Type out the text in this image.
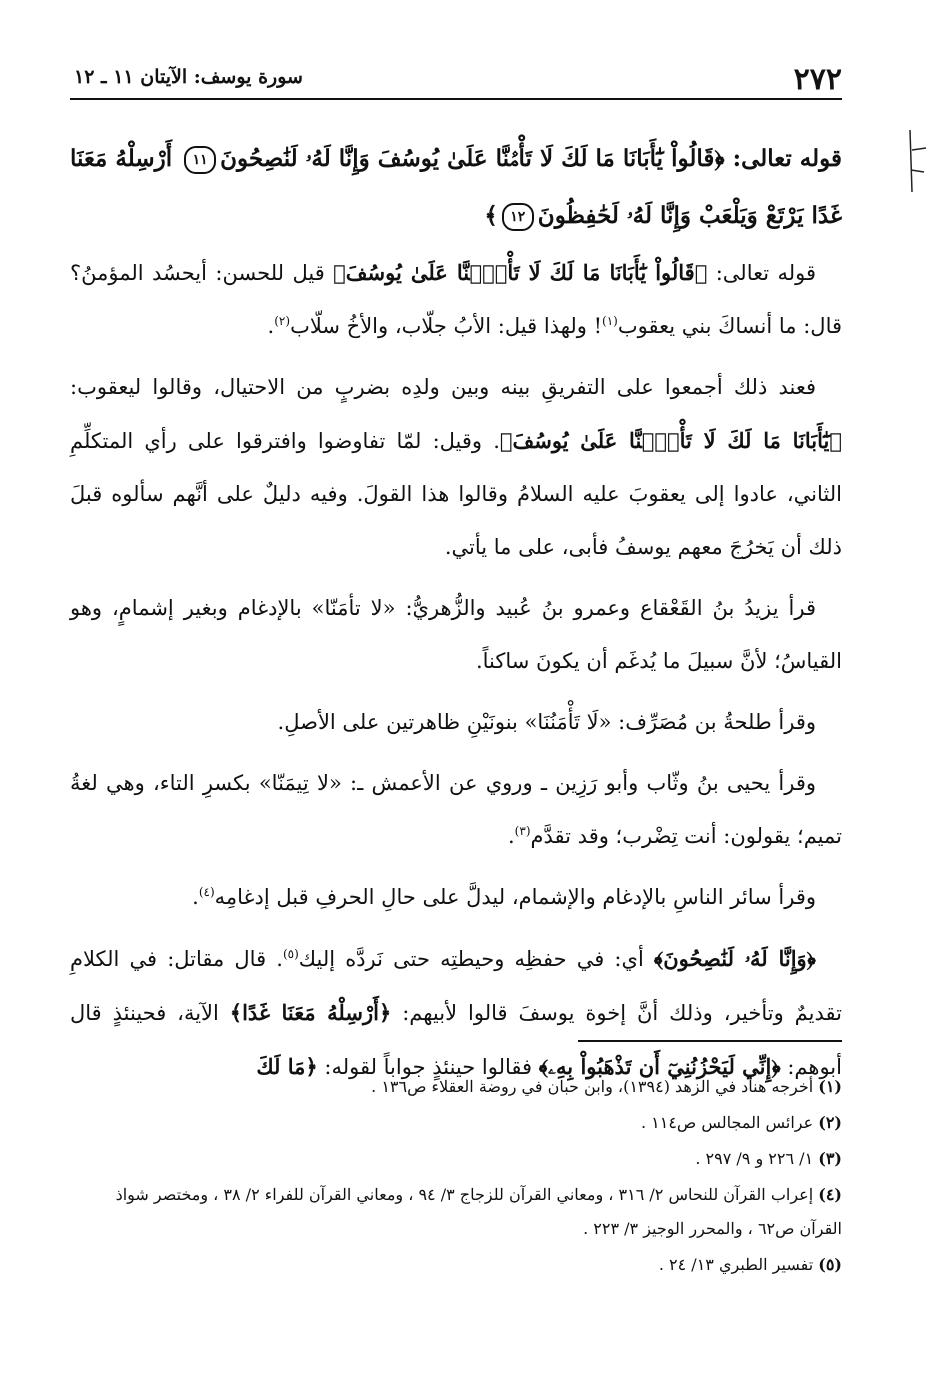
٢٧٢
سورة يوسف: الآيتان ١١ ـ ١٢

قوله تعالى: ﴿قَالُواْ يَٰٓأَبَانَا مَا لَكَ لَا تَأْمَ۫نَّا عَلَىٰ يُوسُفَ وَإِنَّا لَهُۥ لَنَٰصِحُونَ١١ أَرْسِلْهُ مَعَنَا غَدًا يَرْتَعْ وَيَلْعَبْ وَإِنَّا لَهُۥ لَحَٰفِظُونَ١٢﴾

قوله تعالى: ﴿قَالُواْ يَٰٓأَبَانَا مَا لَكَ لَا تَأْمَ۫نَّا عَلَىٰ يُوسُفَ﴾ قيل للحسن: أيحسُد المؤمنُ؟ قال: ما أنساكَ بني يعقوب$^{(١)}$! ولهذا قيل: الأبُ جلّاب، والأخُ سلّاب$^{(٢)}$.

فعند ذلك أجمعوا على التفريقِ بينه وبين ولدِه بضربٍ من الاحتيال، وقالوا ليعقوب: ﴿يَٰٓأَبَانَا مَا لَكَ لَا تَأْمَ۫نَّا عَلَىٰ يُوسُفَ﴾. وقيل: لمّا تفاوضوا وافترقوا على رأي المتكلِّمِ الثاني، عادوا إلى يعقوبَ عليه السلامُ وقالوا هذا القولَ. وفيه دليلٌ على أنَّهم سألوه قبلَ ذلك أن يَخرُجَ معهم يوسفُ فأبى، على ما يأتي.

قرأ يزيدُ بنُ القَعْقاع وعمرو بنُ عُبيد والزُّهريُّ: «لا تأمَنّا» بالإدغام وبغير إشمامٍ، وهو القياسُ؛ لأنَّ سبيلَ ما يُدغَم أن يكونَ ساكناً.

وقرأ طلحةُ بن مُصَرِّف: «لَا تَأْمَنُنَا» بنونَيْنِ ظاهرتين على الأصلِ.

وقرأ يحيى بنُ وثّاب وأبو رَزِين ـ وروي عن الأعمش ـ: «لا تِيمَنّا» بكسرِ التاء، وهي لغةُ تميم؛ يقولون: أنت تِضْرب؛ وقد تقدَّم$^{(٣)}$.

وقرأ سائر الناسِ بالإدغام والإشمام، ليدلَّ على حالِ الحرفِ قبل إدغامِه$^{(٤)}$.

﴿وَإِنَّا لَهُۥ لَنَٰصِحُونَ﴾ أي: في حفظِه وحيطتِه حتى نَردَّه إليك$^{(٥)}$. قال مقاتل: في الكلامِ تقديمٌ وتأخير، وذلك أنَّ إخوة يوسفَ قالوا لأبيهم: ﴿أَرْسِلْهُ مَعَنَا غَدًا﴾ الآية، فحينئذٍ قال أبوهم: ﴿إِنِّي لَيَحْزُنُنِيٓ أَن تَذْهَبُواْ بِهِۦ﴾ فقالوا حينئذٍ جواباً لقوله: ﴿مَا لَكَ

(١) أخرجه هناد في الزهد (١٣٩٤)، وابن حبان في روضة العقلاء ص١٣٦ .

(٢) عرائس المجالس ص١١٤ .

(٣) ١/ ٢٢٦ و ٩/ ٢٩٧ .

(٤) إعراب القرآن للنحاس ٢/ ٣١٦ ، ومعاني القرآن للزجاج ٣/ ٩٤ ، ومعاني القرآن للفراء ٢/ ٣٨ ، ومختصر شواذ القرآن ص٦٢ ، والمحرر الوجيز ٣/ ٢٢٣ .

(٥) تفسير الطبري ١٣/ ٢٤ .
